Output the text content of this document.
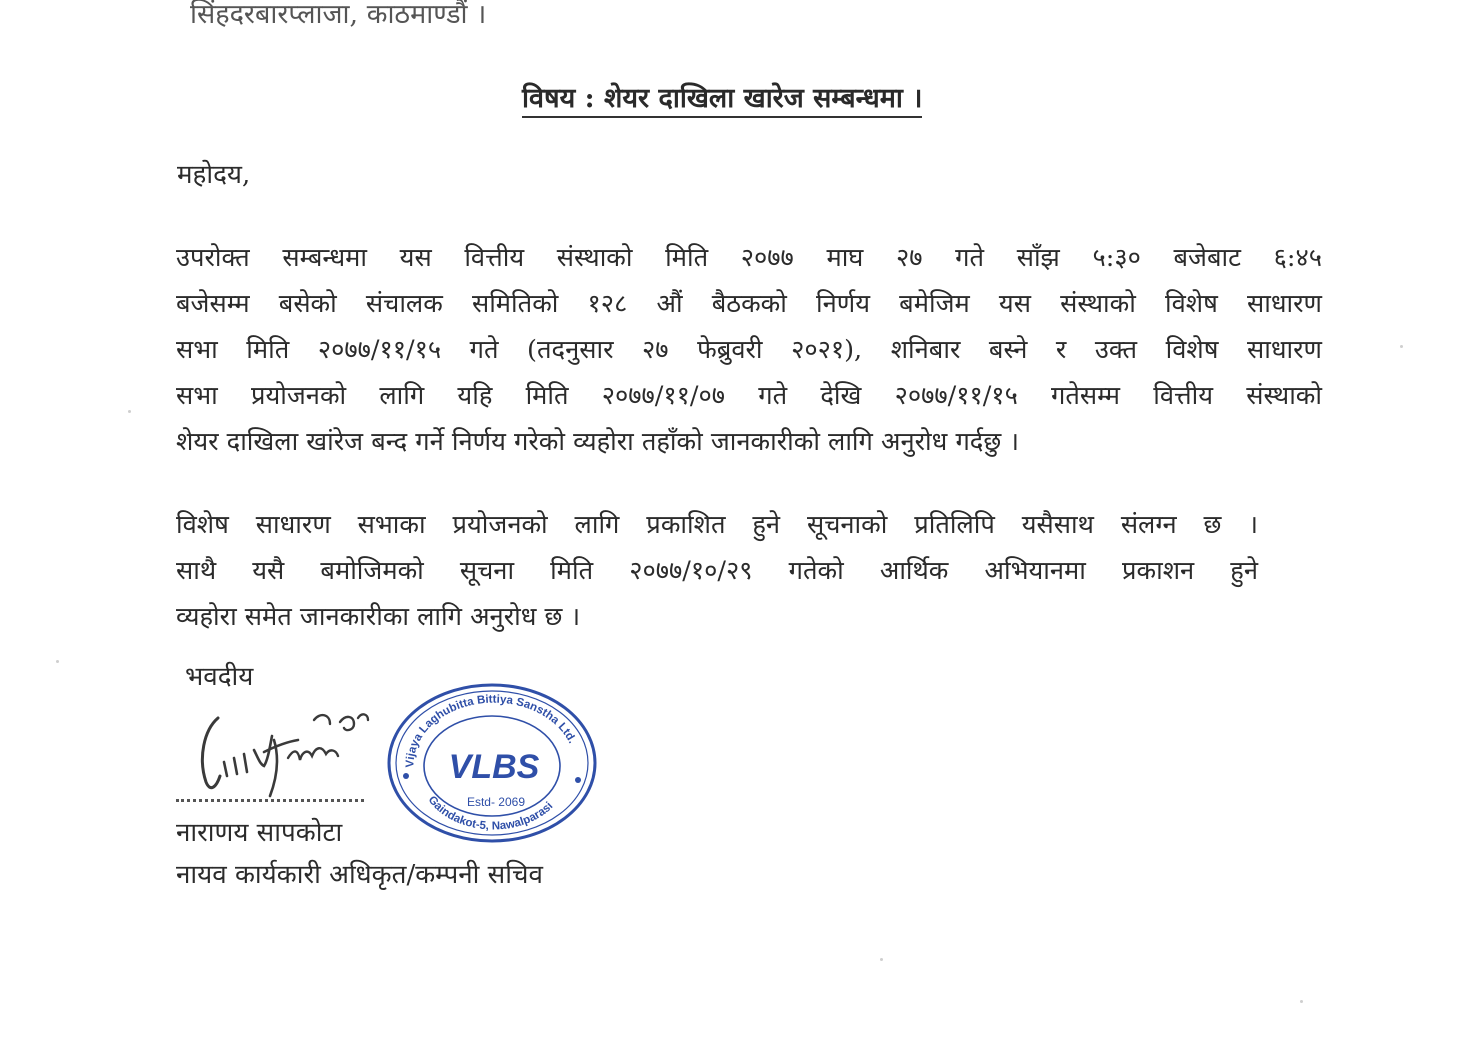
सिंहदरबारप्लाजा, काठमाण्डौं ।
विषय : शेयर दाखिला खारेज सम्बन्धमा ।
महोदय,
उपरोक्त सम्बन्धमा यस वित्तीय संस्थाको मिति २०७७ माघ २७ गते साँझ ५:३० बजेबाट ६:४५
बजेसम्म बसेको संचालक समितिको १२८ औं बैठकको निर्णय बमेजिम यस संस्थाको विशेष साधारण
सभा मिति २०७७/११/१५ गते (तदनुसार २७ फेब्रुवरी २०२१), शनिबार बस्ने र उक्त विशेष साधारण
सभा प्रयोजनको लागि यहि मिति २०७७/११/०७ गते देखि २०७७/११/१५ गतेसम्म वित्तीय संस्थाको
शेयर दाखिला खांरेज बन्द गर्ने निर्णय गरेको व्यहोरा तहाँको जानकारीको लागि अनुरोध गर्दछु ।
विशेष साधारण सभाका प्रयोजनको लागि प्रकाशित हुने सूचनाको प्रतिलिपि यसैसाथ संलग्न छ ।
साथै यसै बमोजिमको सूचना मिति २०७७/१०/२९ गतेको आर्थिक अभियानमा प्रकाशन हुने
व्यहोरा समेत जानकारीका लागि अनुरोध छ ।
भवदीय
नाराणय सापकोटा
नायव कार्यकारी अधिकृत/कम्पनी सचिव
Vijaya Laghubitta Bittiya Sanstha Ltd.
Gaindakot-5, Nawalparasi
VLBS
Estd- 2069
